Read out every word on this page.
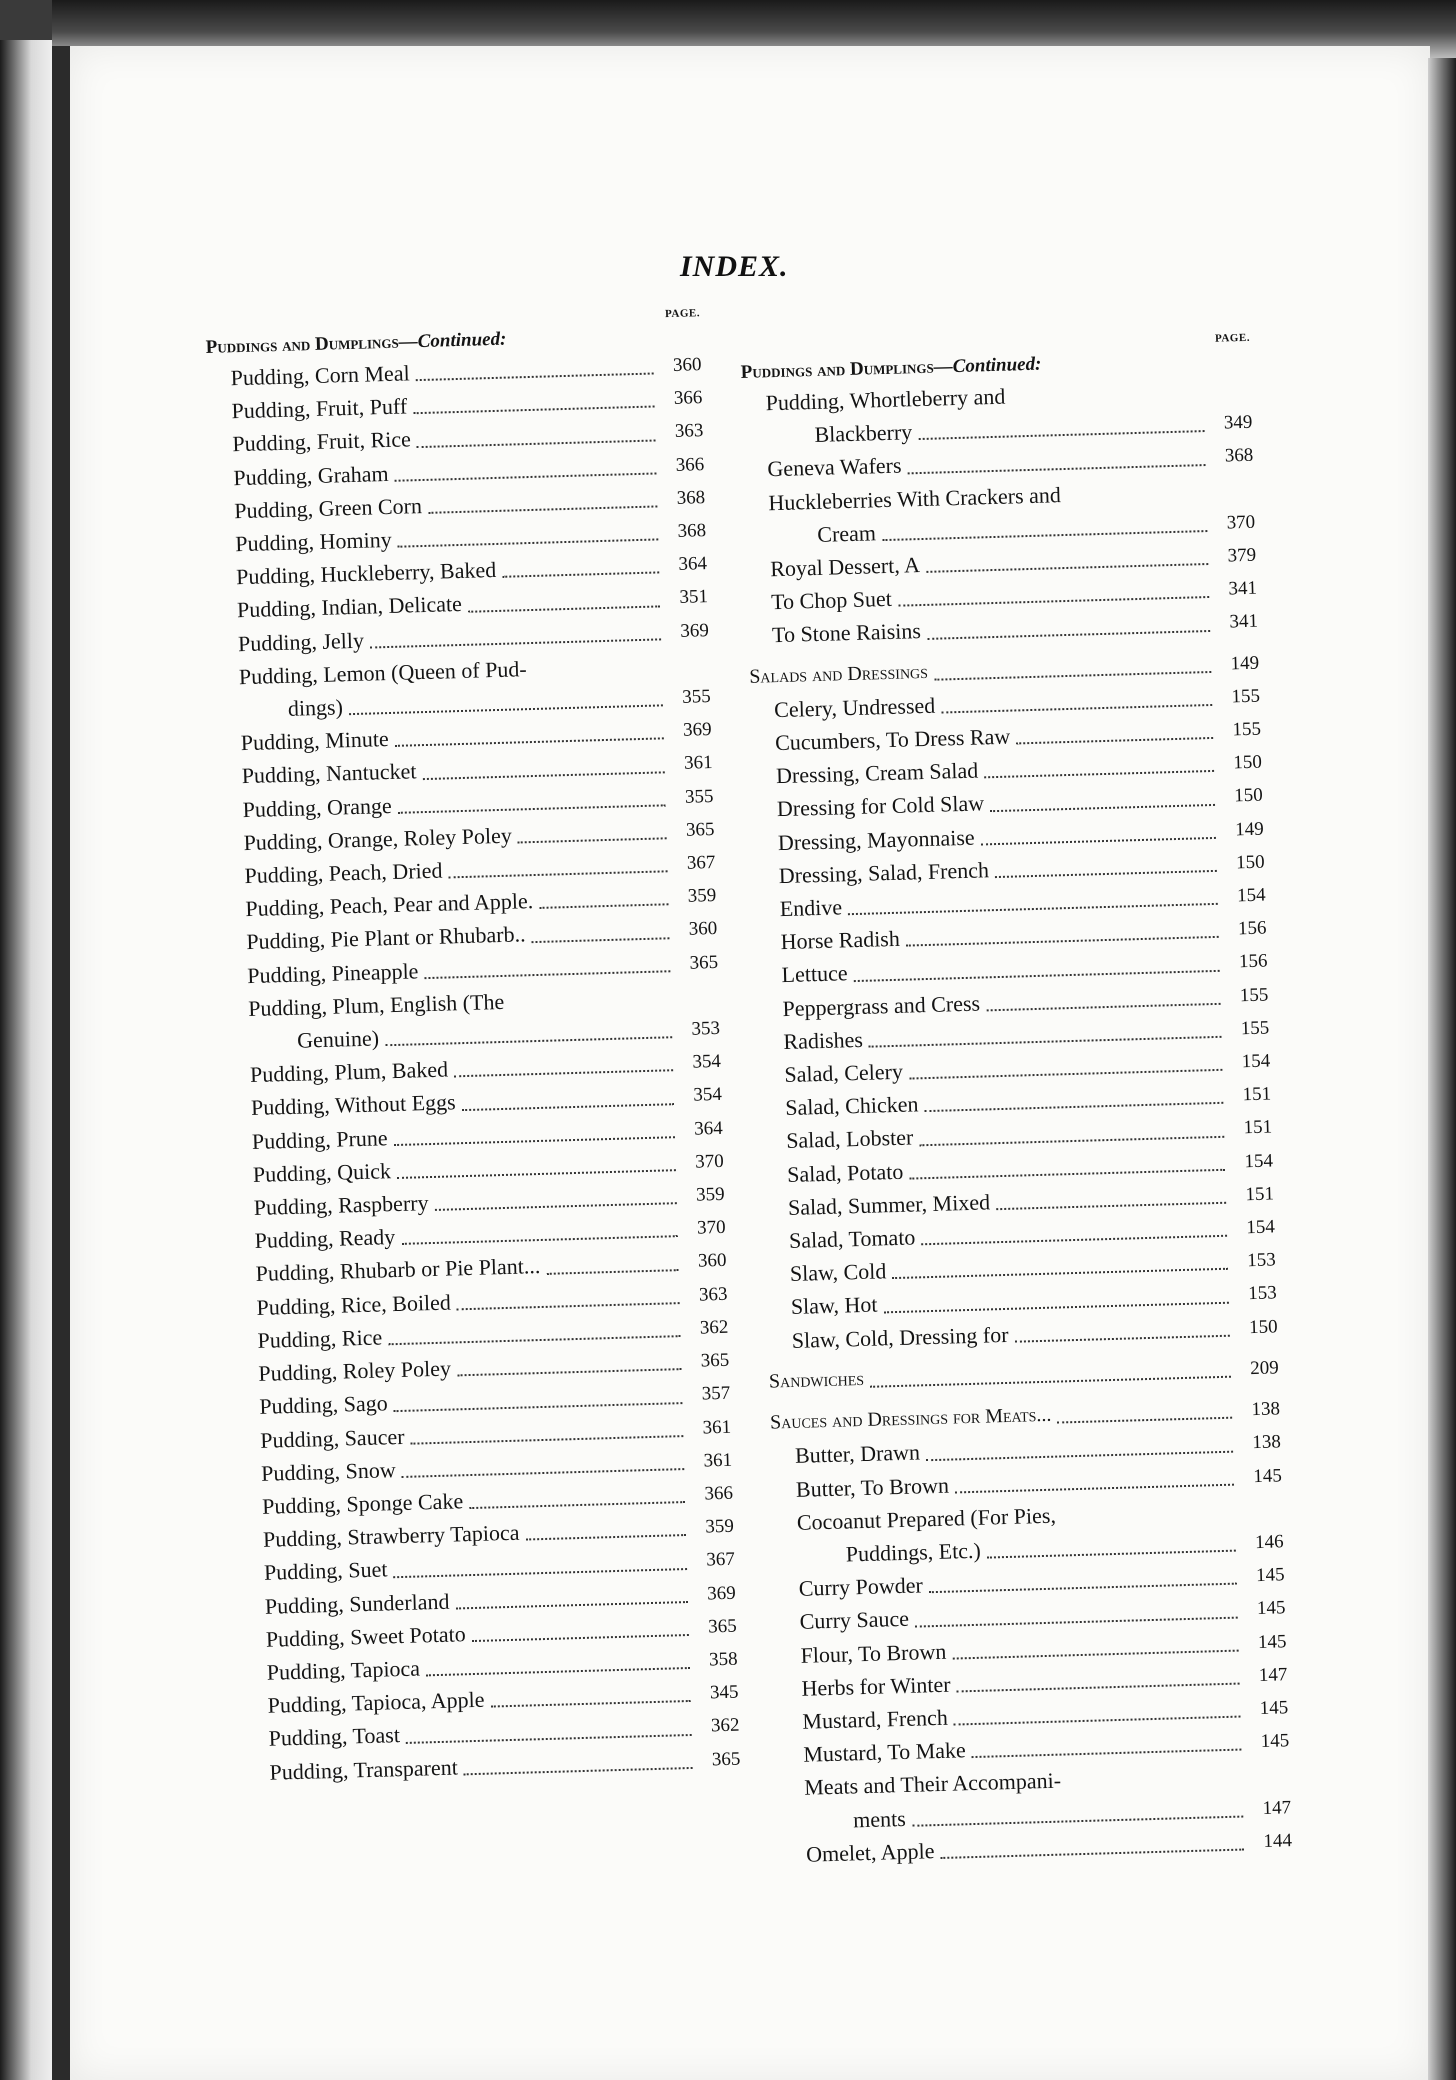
INDEX.
PAGE.
Puddings and Dumplings—Continued:
Pudding, Corn Meal	360
Pudding, Fruit, Puff	366
Pudding, Fruit, Rice	363
Pudding, Graham	366
Pudding, Green Corn	368
Pudding, Hominy	368
Pudding, Huckleberry, Baked	364
Pudding, Indian, Delicate	351
Pudding, Jelly	369
Pudding, Lemon (Queen of Pud-
dings)	355
Pudding, Minute	369
Pudding, Nantucket	361
Pudding, Orange	355
Pudding, Orange, Roley Poley	365
Pudding, Peach, Dried	367
Pudding, Peach, Pear and Apple.	359
Pudding, Pie Plant or Rhubarb..	360
Pudding, Pineapple	365
Pudding, Plum, English (The
Genuine)	353
Pudding, Plum, Baked	354
Pudding, Without Eggs	354
Pudding, Prune	364
Pudding, Quick	370
Pudding, Raspberry	359
Pudding, Ready	370
Pudding, Rhubarb or Pie Plant...	360
Pudding, Rice, Boiled	363
Pudding, Rice	362
Pudding, Roley Poley	365
Pudding, Sago	357
Pudding, Saucer	361
Pudding, Snow	361
Pudding, Sponge Cake	366
Pudding, Strawberry Tapioca	359
Pudding, Suet	367
Pudding, Sunderland	369
Pudding, Sweet Potato	365
Pudding, Tapioca	358
Pudding, Tapioca, Apple	345
Pudding, Toast	362
Pudding, Transparent	365
PAGE.
Puddings and Dumplings—Continued:
Pudding, Whortleberry and
Blackberry	349
Geneva Wafers	368
Huckleberries With Crackers and
Cream	370
Royal Dessert, A	379
To Chop Suet	341
To Stone Raisins	341
Salads and Dressings	149
Celery, Undressed	155
Cucumbers, To Dress Raw	155
Dressing, Cream Salad	150
Dressing for Cold Slaw	150
Dressing, Mayonnaise	149
Dressing, Salad, French	150
Endive	154
Horse Radish	156
Lettuce	156
Peppergrass and Cress	155
Radishes	155
Salad, Celery	154
Salad, Chicken	151
Salad, Lobster	151
Salad, Potato	154
Salad, Summer, Mixed	151
Salad, Tomato	154
Slaw, Cold	153
Slaw, Hot	153
Slaw, Cold, Dressing for	150
Sandwiches	209
Sauces and Dressings for Meats...	138
Butter, Drawn	138
Butter, To Brown	145
Cocoanut Prepared (For Pies,
Puddings, Etc.)	146
Curry Powder	145
Curry Sauce	145
Flour, To Brown	145
Herbs for Winter	147
Mustard, French	145
Mustard, To Make	145
Meats and Their Accompani-
ments	147
Omelet, Apple	144
